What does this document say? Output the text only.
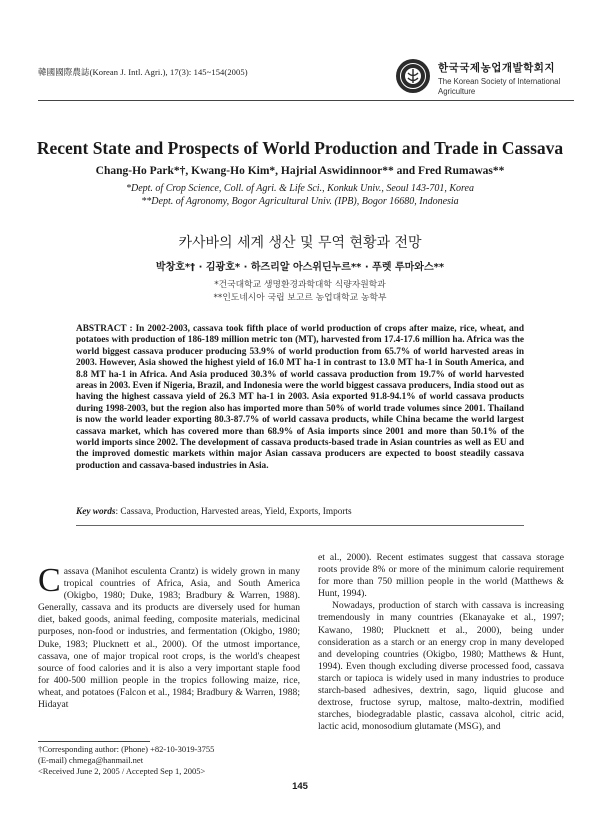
韓國國際農誌(Korean J. Intl. Agri.), 17(3): 145~154(2005)	한국국제농업개발학회지
The Korean Society of International
Agriculture
Recent State and Prospects of World Production and Trade in Cassava
Chang-Ho Park*†, Kwang-Ho Kim*, Hajrial Aswidinnoor** and Fred Rumawas**
*Dept. of Crop Science, Coll. of Agri. & Life Sci., Konkuk Univ., Seoul 143-701, Korea
**Dept. of Agronomy, Bogor Agricultural Univ. (IPB), Bogor 16680, Indonesia
카사바의 세계 생산 및 무역 현황과 전망
박창호*† · 김광호* · 하즈리알 아스위딘누르** · 푸렛 루마와스**
*건국대학교 생명환경과학대학 식량자원학과
**인도네시아 국립 보고르 농업대학교 농학부
ABSTRACT : In 2002-2003, cassava took fifth place of world production of crops after maize, rice, wheat, and potatoes with production of 186-189 million metric ton (MT), harvested from 17.4-17.6 million ha. Africa was the world biggest cassava producer producing 53.9% of world production from 65.7% of world harvested areas in 2003. However, Asia showed the highest yield of 16.0 MT ha-1 in contrast to 13.0 MT ha-1 in South America, and 8.8 MT ha-1 in Africa. And Asia produced 30.3% of world cassava production from 19.7% of world harvested areas in 2003. Even if Nigeria, Brazil, and Indonesia were the world biggest cassava producers, India stood out as having the highest cassava yield of 26.3 MT ha-1 in 2003. Asia exported 91.8-94.1% of world cassava products during 1998-2003, but the region also has imported more than 50% of world trade volumes since 2001. Thailand is now the world leader exporting 80.3-87.7% of world cassava products, while China became the world largest cassava market, which has covered more than 68.9% of Asia imports since 2001 and more than 50.1% of the world imports since 2002. The development of cassava products-based trade in Asian countries as well as EU and the improved domestic markets within major Asian cassava producers are expected to boost steadily cassava production and cassava-based industries in Asia.
Key words: Cassava, Production, Harvested areas, Yield, Exports, Imports

Cassava (Manihot esculenta Crantz) is widely grown in many tropical countries of Africa, Asia, and South America (Okigbo, 1980; Duke, 1983; Bradbury & Warren, 1988). Generally, cassava and its products are diversely used for human diet, baked goods, animal feeding, composite materials, medicinal purposes, non-food or industries, and fermentation (Okigbo, 1980; Duke, 1983; Plucknett et al., 2000). Of the utmost importance, cassava, one of major tropical root crops, is the world's cheapest source of food calories and it is also a very important staple food for 400-500 million people in the tropics following maize, rice, wheat, and potatoes (Falcon et al., 1984; Bradbury & Warren, 1988; Hidayat

et al., 2000). Recent estimates suggest that cassava storage roots provide 8% or more of the minimum calorie requirement for more than 750 million people in the world (Matthews & Hunt, 1994).

Nowadays, production of starch with cassava is increasing tremendously in many countries (Ekanayake et al., 1997; Kawano, 1980; Plucknett et al., 2000), being under consideration as a starch or an energy crop in many developed and developing countries (Okigbo, 1980; Matthews & Hunt, 1994). Even though excluding diverse processed food, cassava starch or tapioca is widely used in many industries to produce starch-based adhesives, dextrin, sago, liquid glucose and dextrose, fructose syrup, maltose, malto-dextrin, modified starches, biodegradable plastic, cassava alcohol, citric acid, lactic acid, monosodium glutamate (MSG), and

†Corresponding author: (Phone) +82-10-3019-3755
(E-mail) chmega@hanmail.net
<Received June 2, 2005 / Accepted Sep 1, 2005>
145
